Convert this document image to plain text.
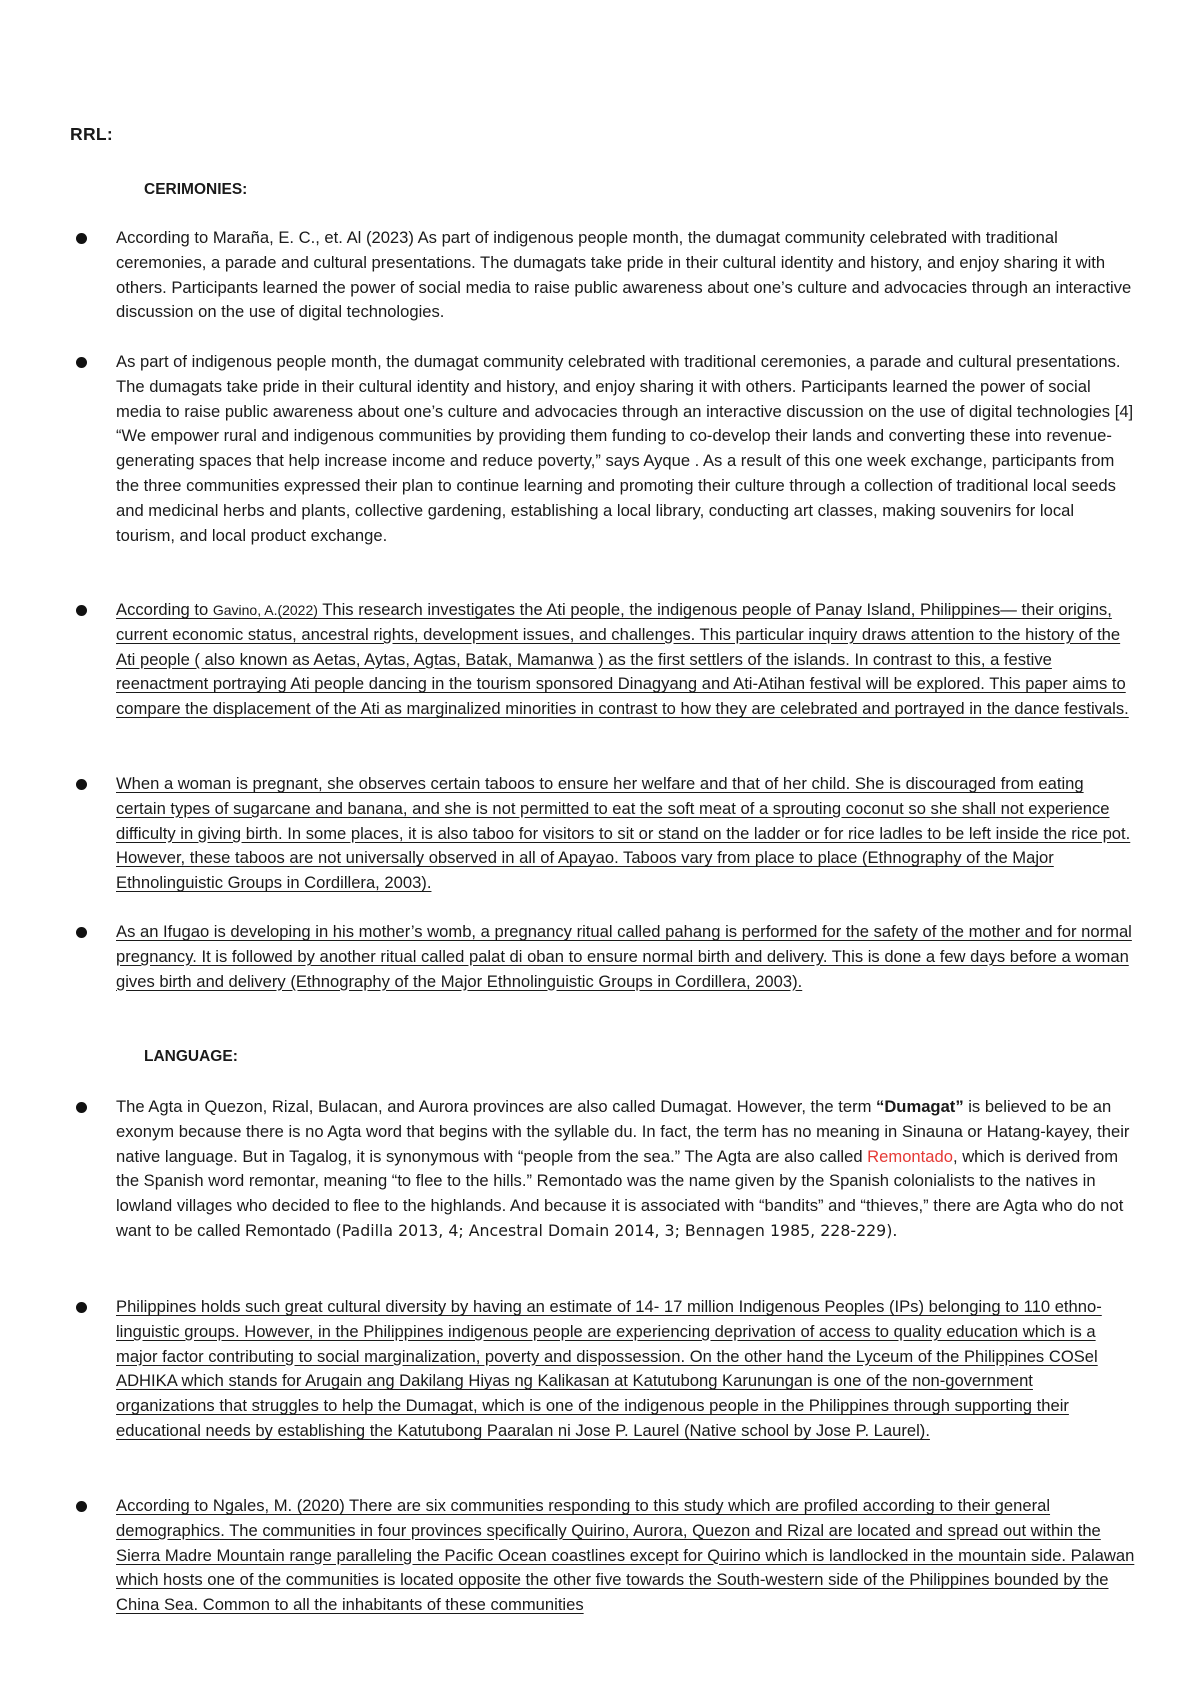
RRL:
CERIMONIES:

According to Maraña, E. C., et. Al (2023) As part of indigenous people month, the dumagat community celebrated with traditional ceremonies, a parade and cultural presentations. The dumagats take pride in their cultural identity and history, and enjoy sharing it with others. Participants learned the power of social media to raise public awareness about one’s culture and advocacies through an interactive discussion on the use of digital technologies.

As part of indigenous people month, the dumagat community celebrated with traditional ceremonies, a parade and cultural presentations. The dumagats take pride in their cultural identity and history, and enjoy sharing it with others. Participants learned the power of social media to raise public awareness about one’s culture and advocacies through an interactive discussion on the use of digital technologies [4] “We empower rural and indigenous communities by providing them funding to co-develop their lands and converting these into revenue-generating spaces that help increase income and reduce poverty,” says Ayque . As a result of this one week exchange, participants from the three communities expressed their plan to continue learning and promoting their culture through a collection of traditional local seeds and medicinal herbs and plants, collective gardening, establishing a local library, conducting art classes, making souvenirs for local tourism, and local product exchange.

According to Gavino, A.(2022) This research investigates the Ati people, the indigenous people of Panay Island, Philippines— their origins, current economic status, ancestral rights, development issues, and challenges. This particular inquiry draws attention to the history of the Ati people ( also known as Aetas, Aytas, Agtas, Batak, Mamanwa ) as the first settlers of the islands. In contrast to this, a festive reenactment portraying Ati people dancing in the tourism sponsored Dinagyang and Ati-Atihan festival will be explored. This paper aims to compare the displacement of the Ati as marginalized minorities in contrast to how they are celebrated and portrayed in the dance festivals.

When a woman is pregnant, she observes certain taboos to ensure her welfare and that of her child. She is discouraged from eating certain types of sugarcane and banana, and she is not permitted to eat the soft meat of a sprouting coconut so she shall not experience difficulty in giving birth. In some places, it is also taboo for visitors to sit or stand on the ladder or for rice ladles to be left inside the rice pot. However, these taboos are not universally observed in all of Apayao. Taboos vary from place to place (Ethnography of the Major Ethnolinguistic Groups in Cordillera, 2003).

As an Ifugao is developing in his mother’s womb, a pregnancy ritual called pahang is performed for the safety of the mother and for normal pregnancy. It is followed by another ritual called palat di oban to ensure normal birth and delivery. This is done a few days before a woman gives birth and delivery (Ethnography of the Major Ethnolinguistic Groups in Cordillera, 2003).

LANGUAGE:

The Agta in Quezon, Rizal, Bulacan, and Aurora provinces are also called Dumagat. However, the term “Dumagat” is believed to be an exonym because there is no Agta word that begins with the syllable du. In fact, the term has no meaning in Sinauna or Hatang-kayey, their native language. But in Tagalog, it is synonymous with “people from the sea.” The Agta are also called Remontado, which is derived from the Spanish word remontar, meaning “to flee to the hills.” Remontado was the name given by the Spanish colonialists to the natives in lowland villages who decided to flee to the highlands. And because it is associated with “bandits” and “thieves,” there are Agta who do not want to be called Remontado (Padilla 2013, 4; Ancestral Domain 2014, 3; Bennagen 1985, 228-229).

Philippines holds such great cultural diversity by having an estimate of 14- 17 million Indigenous Peoples (IPs) belonging to 110 ethno-linguistic groups. However, in the Philippines indigenous people are experiencing deprivation of access to quality education which is a major factor contributing to social marginalization, poverty and dispossession. On the other hand the Lyceum of the Philippines COSel ADHIKA which stands for Arugain ang Dakilang Hiyas ng Kalikasan at Katutubong Karunungan is one of the non-government organizations that struggles to help the Dumagat, which is one of the indigenous people in the Philippines through supporting their educational needs by establishing the Katutubong Paaralan ni Jose P. Laurel (Native school by Jose P. Laurel).

According to Ngales, M. (2020) There are six communities responding to this study which are profiled according to their general demographics. The communities in four provinces specifically Quirino, Aurora, Quezon and Rizal are located and spread out within the Sierra Madre Mountain range paralleling the Pacific Ocean coastlines except for Quirino which is landlocked in the mountain side. Palawan which hosts one of the communities is located opposite the other five towards the South-western side of the Philippines bounded by the China Sea. Common to all the inhabitants of these communities
